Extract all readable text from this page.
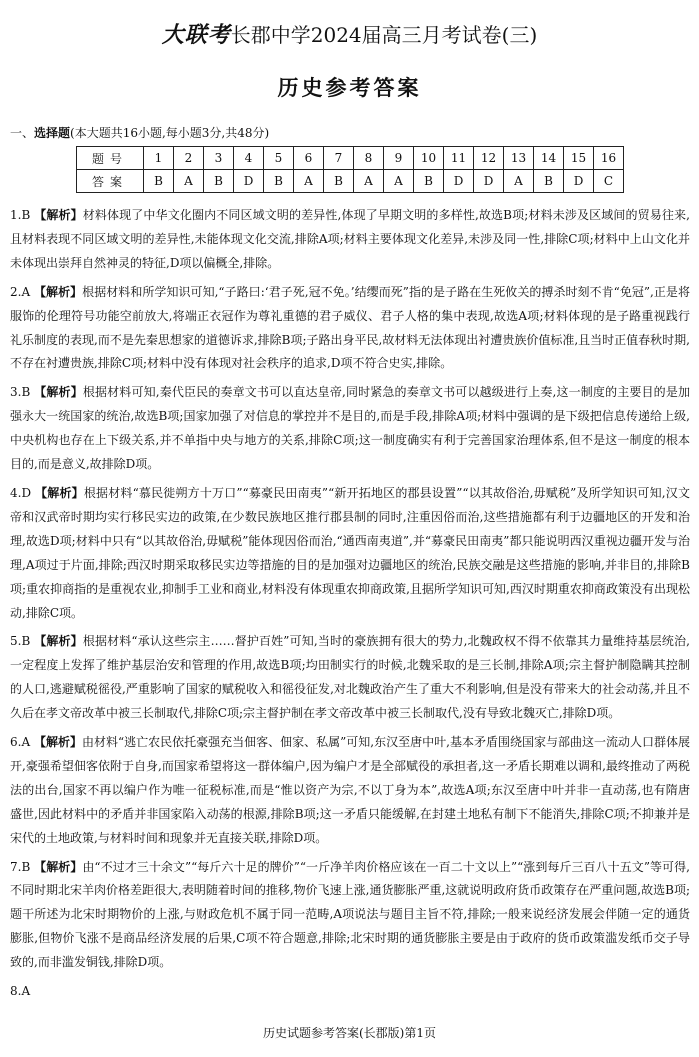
大联考长郡中学2024届高三月考试卷(三)
历史参考答案
一、选择题(本大题共16小题,每小题3分,共48分)
题号	1	2	3	4	5	6	7	8	9	10	11	12	13	14	15	16
答案	B	A	B	D	B	A	B	A	A	B	D	D	A	B	D	C
1.B 【解析】材料体现了中华文化圈内不同区域文明的差异性,体现了早期文明的多样性,故选B项;材料未涉及区域间的贸易往来,且材料表现不同区域文明的差异性,未能体现文化交流,排除A项;材料主要体现文化差异,未涉及同一性,排除C项;材料中上山文化并未体现出崇拜自然神灵的特征,D项以偏概全,排除。
2.A 【解析】根据材料和所学知识可知,“子路曰:‘君子死,冠不免。’结缨而死”指的是子路在生死攸关的搏杀时刻不肯“免冠”,正是将服饰的伦理符号功能空前放大,将端正衣冠作为尊礼重德的君子威仪、君子人格的集中表现,故选A项;材料体现的是子路重视践行礼乐制度的表现,而不是先秦思想家的道德诉求,排除B项;子路出身平民,故材料无法体现出衬遭贵族价值标准,且当时正值春秋时期,不存在衬遭贵族,排除C项;材料中没有体现对社会秩序的追求,D项不符合史实,排除。
3.B 【解析】根据材料可知,秦代臣民的奏章文书可以直达皇帝,同时紧急的奏章文书可以越级进行上奏,这一制度的主要目的是加强永大一统国家的统治,故选B项;国家加强了对信息的掌控并不是目的,而是手段,排除A项;材料中强调的是下级把信息传递给上级,中央机构也存在上下级关系,并不单指中央与地方的关系,排除C项;这一制度确实有利于完善国家治理体系,但不是这一制度的根本目的,而是意义,故排除D项。
4.D 【解析】根据材料“慕民徙朔方十万口”“募豪民田南夷”“新开拓地区的郡县设置”“以其故俗治,毋赋税”及所学知识可知,汉文帝和汉武帝时期均实行移民实边的政策,在少数民族地区推行郡县制的同时,注重因俗而治,这些措施都有利于边疆地区的开发和治理,故选D项;材料中只有“以其故俗治,毋赋税”能体现因俗而治,“通西南夷道”,并“募豪民田南夷”都只能说明西汉重视边疆开发与治理,A项过于片面,排除;西汉时期采取移民实边等措施的目的是加强对边疆地区的统治,民族交融是这些措施的影响,并非目的,排除B项;重农抑商指的是重视农业,抑制手工业和商业,材料没有体现重农抑商政策,且据所学知识可知,西汉时期重农抑商政策没有出现松动,排除C项。
5.B 【解析】根据材料“承认这些宗主……督护百姓”可知,当时的豪族拥有很大的势力,北魏政权不得不依靠其力量维持基层统治,一定程度上发挥了维护基层治安和管理的作用,故选B项;均田制实行的时候,北魏采取的是三长制,排除A项;宗主督护制隐瞒其控制的人口,逃避赋税徭役,严重影响了国家的赋税收入和徭役征发,对北魏政治产生了重大不利影响,但是没有带来大的社会动荡,并且不久后在孝文帝改革中被三长制取代,排除C项;宗主督护制在孝文帝改革中被三长制取代,没有导致北魏灭亡,排除D项。
6.A 【解析】由材料“逃亡农民依托豪强充当佃客、佃家、私属”可知,东汉至唐中叶,基本矛盾围绕国家与部曲这一流动人口群体展开,豪强希望佃客依附于自身,而国家希望将这一群体编户,因为编户才是全部赋役的承担者,这一矛盾长期难以调和,最终推动了两税法的出台,国家不再以编户作为唯一征税标准,而是“惟以资产为宗,不以丁身为本”,故选A项;东汉至唐中叶并非一直动荡,也有隋唐盛世,因此材料中的矛盾并非国家陷入动荡的根源,排除B项;这一矛盾只能缓解,在封建土地私有制下不能消失,排除C项;不抑兼并是宋代的土地政策,与材料时间和现象并无直接关联,排除D项。
7.B 【解析】由“不过才三十余文”“每斤六十足的牌价”“一斤净羊肉价格应该在一百二十文以上”“涨到每斤三百八十五文”等可得,不同时期北宋羊肉价格差距很大,表明随着时间的推移,物价飞速上涨,通货膨胀严重,这就说明政府货币政策存在严重问题,故选B项;题干所述为北宋时期物价的上涨,与财政危机不属于同一范畴,A项说法与题目主旨不符,排除;一般来说经济发展会伴随一定的通货膨胀,但物价飞涨不是商品经济发展的后果,C项不符合题意,排除;北宋时期的通货膨胀主要是由于政府的货币政策滥发纸币交子导致的,而非滥发铜钱,排除D项。
8.A
历史试题参考答案(长郡版)第1页
